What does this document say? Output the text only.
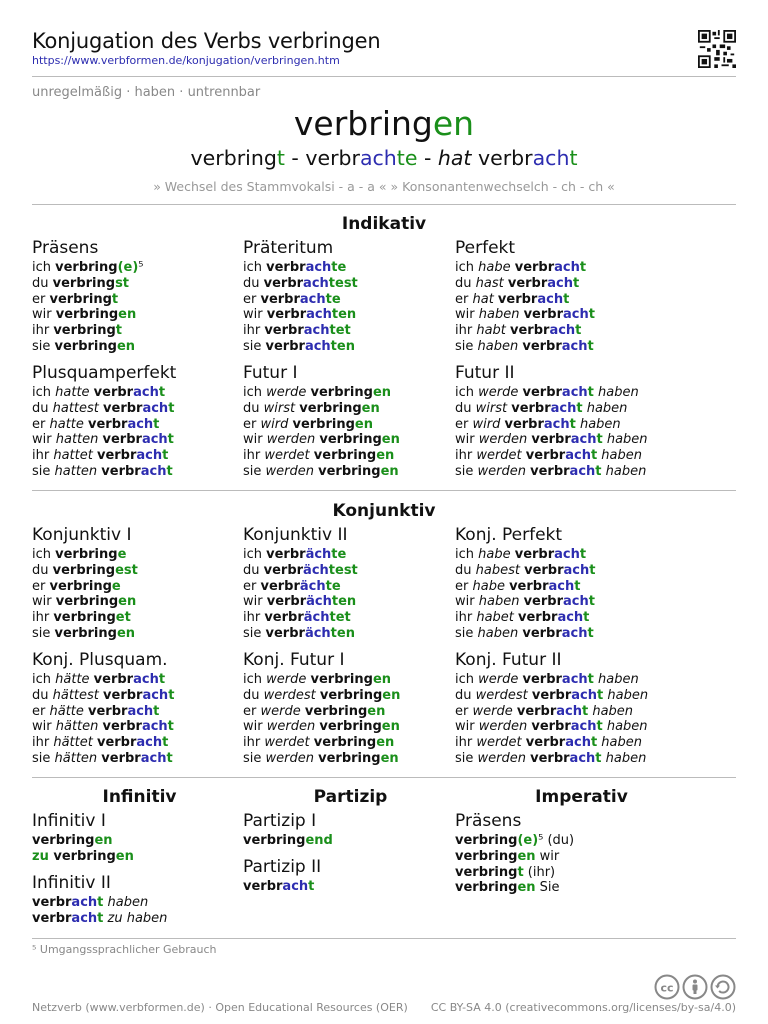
Konjugation des Verbs verbringen
https://www.verbformen.de/konjugation/verbringen.htm
unregelmäßig · haben · untrennbar
verbringen
verbringt - verbrachte - hat verbracht
» Wechsel des Stammvokalsi - a - a « » Konsonantenwechselch - ch - ch «
Indikativ
Präsens
ich verbring(e)⁵
du verbringst
er verbringt
wir verbringen
ihr verbringt
sie verbringen
Präteritum
ich verbrachte
du verbrachtest
er verbrachte
wir verbrachten
ihr verbrachtet
sie verbrachten
Perfekt
ich habe verbracht
du hast verbracht
er hat verbracht
wir haben verbracht
ihr habt verbracht
sie haben verbracht
Plusquamperfekt
ich hatte verbracht
du hattest verbracht
er hatte verbracht
wir hatten verbracht
ihr hattet verbracht
sie hatten verbracht
Futur I
ich werde verbringen
du wirst verbringen
er wird verbringen
wir werden verbringen
ihr werdet verbringen
sie werden verbringen
Futur II
ich werde verbracht haben
du wirst verbracht haben
er wird verbracht haben
wir werden verbracht haben
ihr werdet verbracht haben
sie werden verbracht haben
Konjunktiv
Konjunktiv I
ich verbringe
du verbringest
er verbringe
wir verbringen
ihr verbringet
sie verbringen
Konjunktiv II
ich verbrächte
du verbrächtest
er verbrächte
wir verbrächten
ihr verbrächtet
sie verbrächten
Konj. Perfekt
ich habe verbracht
du habest verbracht
er habe verbracht
wir haben verbracht
ihr habet verbracht
sie haben verbracht
Konj. Plusquam.
ich hätte verbracht
du hättest verbracht
er hätte verbracht
wir hätten verbracht
ihr hättet verbracht
sie hätten verbracht
Konj. Futur I
ich werde verbringen
du werdest verbringen
er werde verbringen
wir werden verbringen
ihr werdet verbringen
sie werden verbringen
Konj. Futur II
ich werde verbracht haben
du werdest verbracht haben
er werde verbracht haben
wir werden verbracht haben
ihr werdet verbracht haben
sie werden verbracht haben
Infinitiv	Partizip	Imperativ
Infinitiv I
verbringen
zu verbringen
Infinitiv II
verbracht haben
verbracht zu haben
Partizip I
verbringend
Partizip II
verbracht
Präsens
verbring(e)⁵ (du)
verbringen wir
verbringt (ihr)
verbringen Sie
⁵ Umgangssprachlicher Gebrauch
cc
Netzverb (www.verbformen.de) · Open Educational Resources (OER) CC BY-SA 4.0 (creativecommons.org/licenses/by-sa/4.0)
